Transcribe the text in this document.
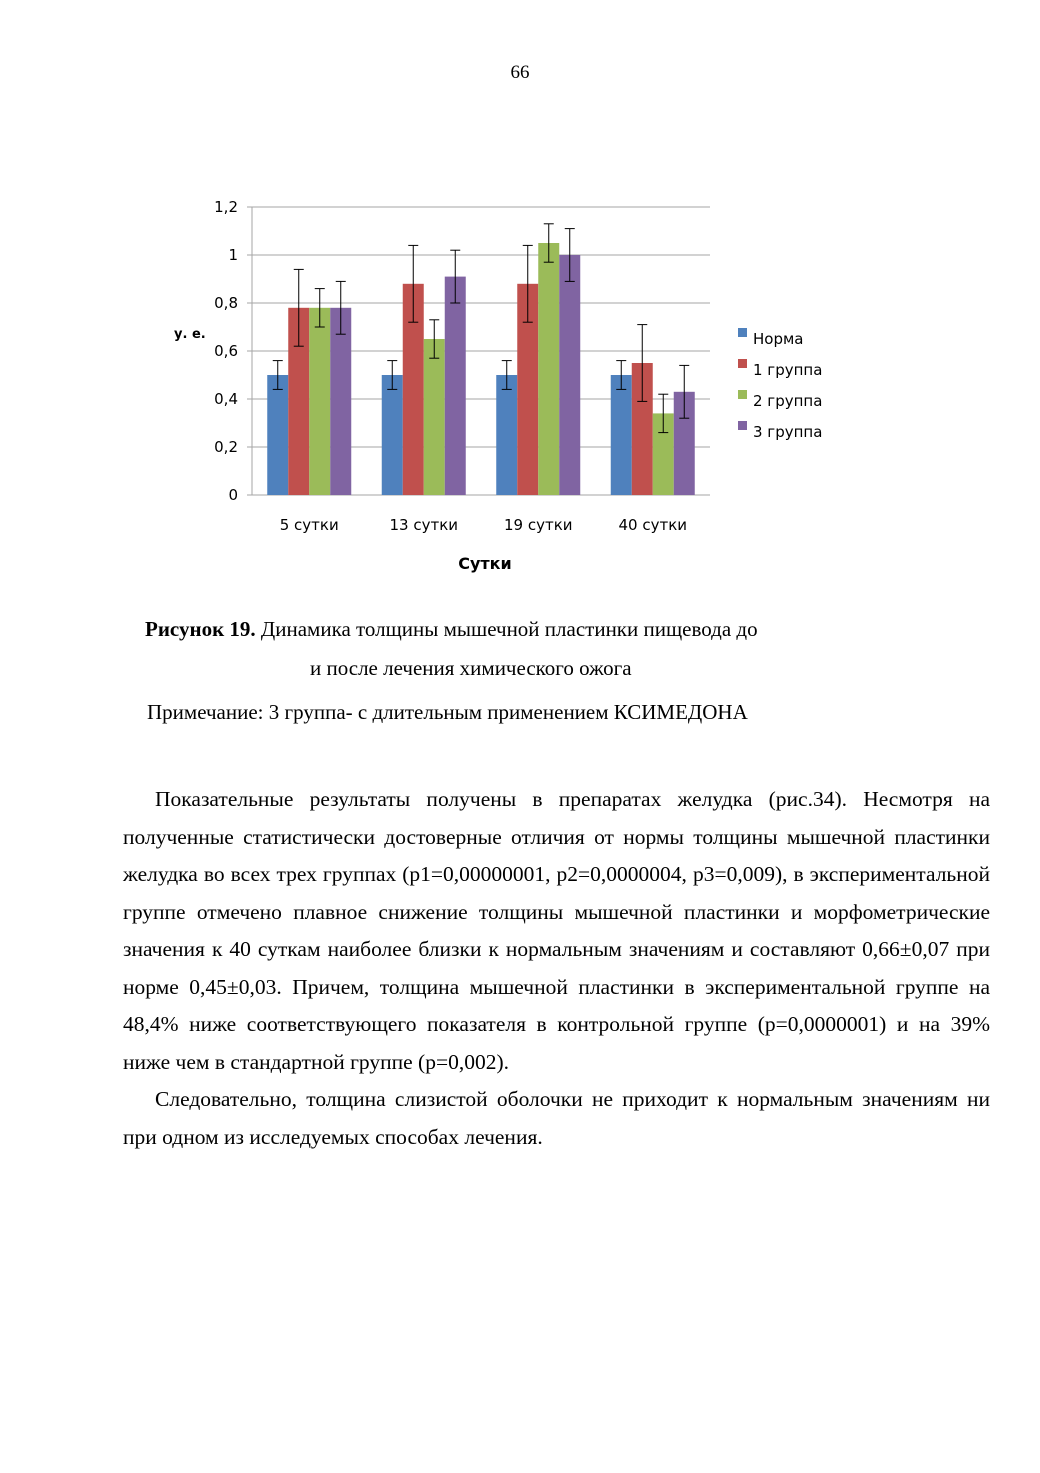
66
0
0,2
0,4
0,6
0,8
1
1,2
5 сутки	13 сутки	19 сутки	40 сутки
у. е.
Сутки
Норма
1 группа
2 группа
3 группа
Рисунок 19. Динамика толщины мышечной пластинки пищевода до
и после лечения химического ожога
Примечание: 3 группа- с длительным применением КСИМЕДОНА

Показательные результаты получены в препаратах желудка (рис.34). Несмотря на полученные статистически достоверные отличия от нормы толщины мышечной пластинки желудка во всех трех группах (р1=0,00000001, р2=0,0000004, р3=0,009), в экспериментальной группе отмечено плавное снижение толщины мышечной пластинки и морфометрические значения к 40 суткам наиболее близки к нормальным значениям и составляют 0,66±0,07 при норме 0,45±0,03. Причем, толщина мышечной пластинки в экспериментальной группе на 48,4% ниже соответствующего показателя в контрольной группе (р=0,0000001) и на 39% ниже чем в стандартной группе (р=0,002).

Следовательно, толщина слизистой оболочки не приходит к нормальным значениям ни при одном из исследуемых способах лечения.
